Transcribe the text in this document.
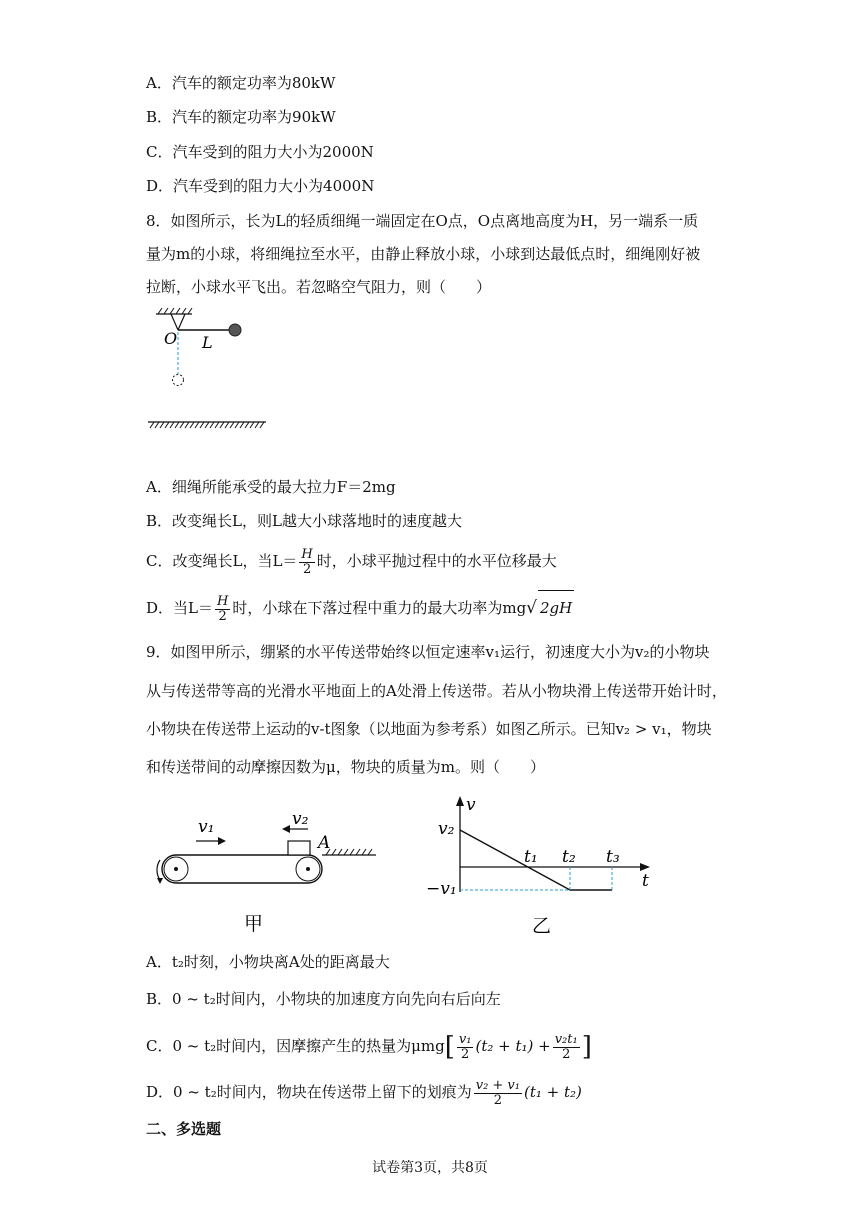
A．汽车的额定功率为80kW
B．汽车的额定功率为90kW
C．汽车受到的阻力大小为2000N
D．汽车受到的阻力大小为4000N
8．如图所示，长为L的轻质细绳一端固定在O点，O点离地高度为H，另一端系一质
量为m的小球，将细绳拉至水平，由静止释放小球，小球到达最低点时，细绳刚好被
拉断，小球水平飞出。若忽略空气阻力，则（　　）
O L
A．细绳所能承受的最大拉力F＝2mg
B．改变绳长L，则L越大小球落地时的速度越大
C．改变绳长L，当$L= \frac{H}{2}$ 时，小球平抛过程中的水平位移最大
D．当$L= \frac{H}{2}$ 时，小球在下落过程中重力的最大功率为mg√ 2gH
9．如图甲所示，绷紧的水平传送带始终以恒定速率v₁运行，初速度大小为v₂的小物块
从与传送带等高的光滑水平地面上的A处滑上传送带。若从小物块滑上传送带开始计时，
小物块在传送带上运动的v-t图象（以地面为参考系）如图乙所示。已知v₂ > v₁，物块
和传送带间的动摩擦因数为μ，物块的质量为m。则（　　）
A
v₁	v₂
甲
v
t
v₂
−v₁
t₁ t₂ t₃
乙
A．t₂时刻，小物块离A处的距离最大
B．0 ~ t₂时间内，小物块的加速度方向先向右后向左
C．0 ~ t₂时间内，因摩擦产生的热量为$\mu mg[ \frac{\text{v₁}}{2} (t_2 + t_1) + \frac{\text{v₂t₁}}{2}$ ]
D．0 ~ t₂时间内，物块在传送带上留下的划痕为 $\frac{\text{v₂ + v₁}}{2} (t_1 + t_2)$
二、多选题
试卷第3页，共8页
